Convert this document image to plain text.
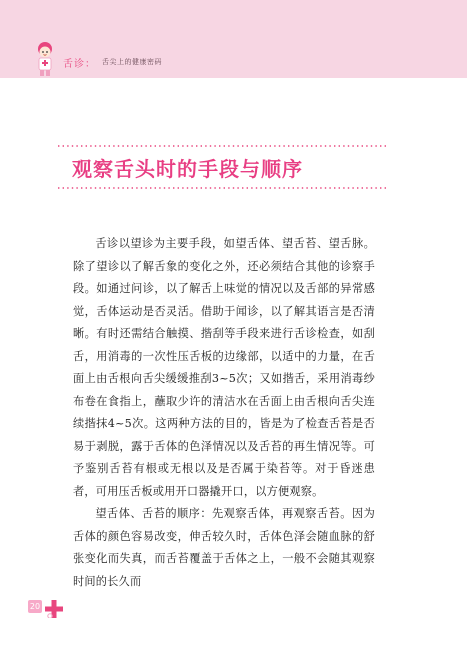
舌诊： 舌尖上的健康密码
观察舌头时的手段与顺序

舌诊以望诊为主要手段，如望舌体、望舌苔、望舌脉。除了望诊以了解舌象的变化之外，还必须结合其他的诊察手段。如通过问诊，以了解舌上味觉的情况以及舌部的异常感觉，舌体运动是否灵活。借助于闻诊，以了解其语言是否清晰。有时还需结合触摸、揩刮等手段来进行舌诊检查，如刮舌，用消毒的一次性压舌板的边缘部，以适中的力量，在舌面上由舌根向舌尖缓缓推刮3~5次；又如揩舌，采用消毒纱布卷在食指上，蘸取少许的清洁水在舌面上由舌根向舌尖连续揩抹4~5次。这两种方法的目的，皆是为了检查舌苔是否易于剥脱，露于舌体的色泽情况以及舌苔的再生情况等。可予鉴别舌苔有根或无根以及是否属于染苔等。对于昏迷患者，可用压舌板或用开口器撬开口，以方便观察。

望舌体、舌苔的顺序：先观察舌体，再观察舌苔。因为舌体的颜色容易改变，伸舌较久时，舌体色泽会随血脉的舒张变化而失真，而舌苔覆盖于舌体之上，一般不会随其观察时间的长久而

20
